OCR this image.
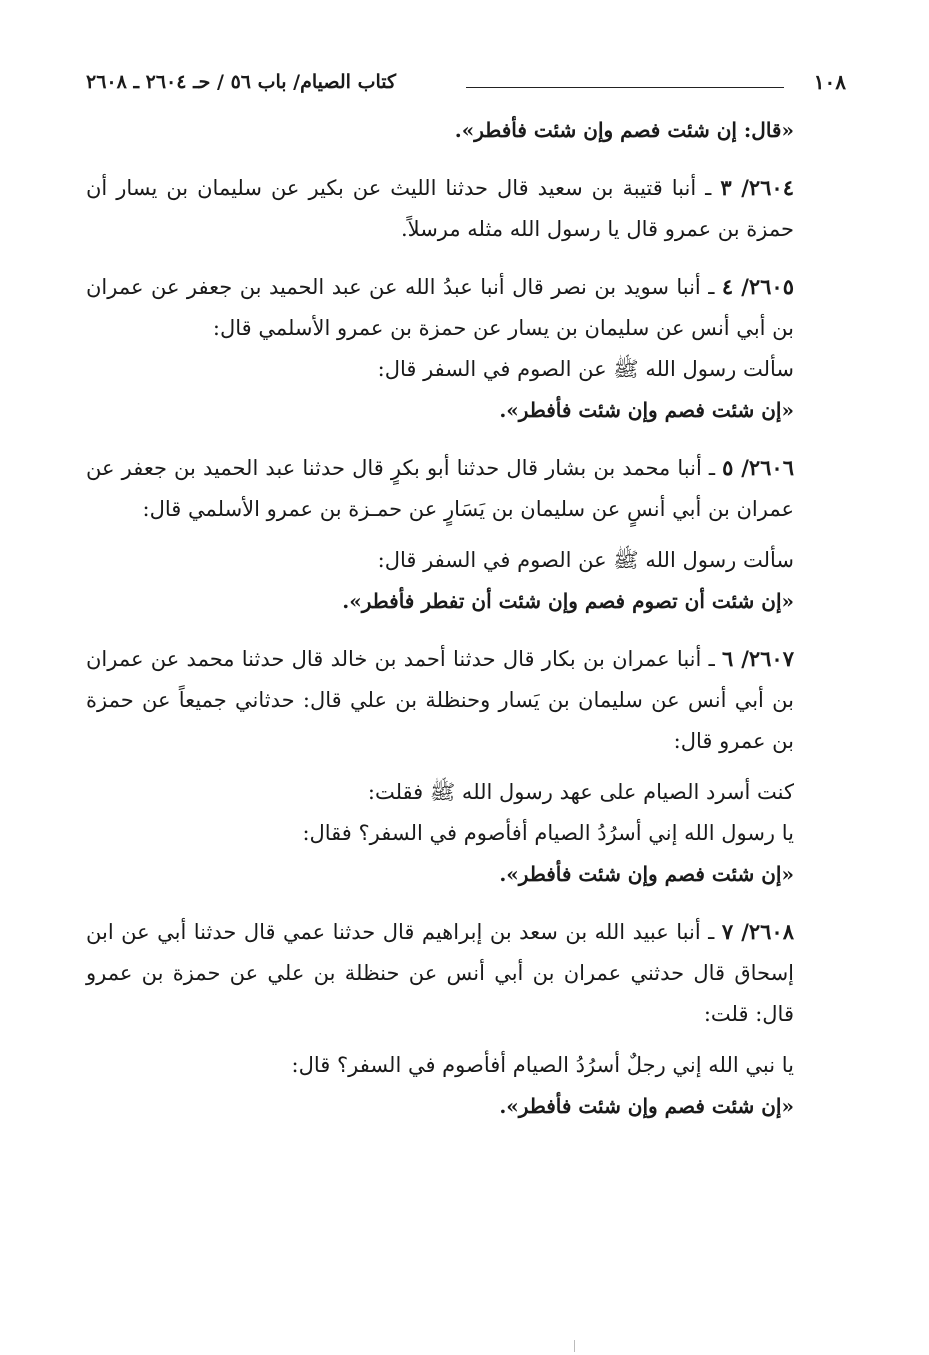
١٠٨
كتاب الصيام/ باب ٥٦ / حـ ٢٦٠٤ ـ ٢٦٠٨

«قال: إن شئت فصم وإن شئت فأفطر».

٢٦٠٤/ ٣ ـ أنبا قتيبة بن سعيد قال حدثنا الليث عن بكير عن سليمان بن يسار أن حمزة بن عمرو قال يا رسول الله مثله مرسلاً.

٢٦٠٥/ ٤ ـ أنبا سويد بن نصر قال أنبا عبدُ الله عن عبد الحميد بن جعفر عن عمران بن أبي أنس عن سليمان بن يسار عن حمزة بن عمرو الأسلمي قال:

سألت رسول الله ﷺ عن الصوم في السفر قال:

«إن شئت فصم وإن شئت فأفطر».

٢٦٠٦/ ٥ ـ أنبا محمد بن بشار قال حدثنا أبو بكرٍ قال حدثنا عبد الحميد بن جعفر عن عمران بن أبي أنسٍ عن سليمان بن يَسَارٍ عن حمـزة بن عمرو الأسلمي قال:

سألت رسول الله ﷺ عن الصوم في السفر قال:

«إن شئت أن تصوم فصم وإن شئت أن تفطر فأفطر».

٢٦٠٧/ ٦ ـ أنبا عمران بن بكار قال حدثنا أحمد بن خالد قال حدثنا محمد عن عمران بن أبي أنس عن سليمان بن يَسار وحنظلة بن علي قال: حدثاني جميعاً عن حمزة بن عمرو قال:

كنت أسرد الصيام على عهد رسول الله ﷺ فقلت:

يا رسول الله إني أسرُدُ الصيام أفأصوم في السفر؟ فقال:

«إن شئت فصم وإن شئت فأفطر».

٢٦٠٨/ ٧ ـ أنبا عبيد الله بن سعد بن إبراهيم قال حدثنا عمي قال حدثنا أبي عن ابن إسحاق قال حدثني عمران بن أبي أنس عن حنظلة بن علي عن حمزة بن عمرو قال: قلت:

يا نبي الله إني رجلٌ أسرُدُ الصيام أفأصوم في السفر؟ قال:

«إن شئت فصم وإن شئت فأفطر».
